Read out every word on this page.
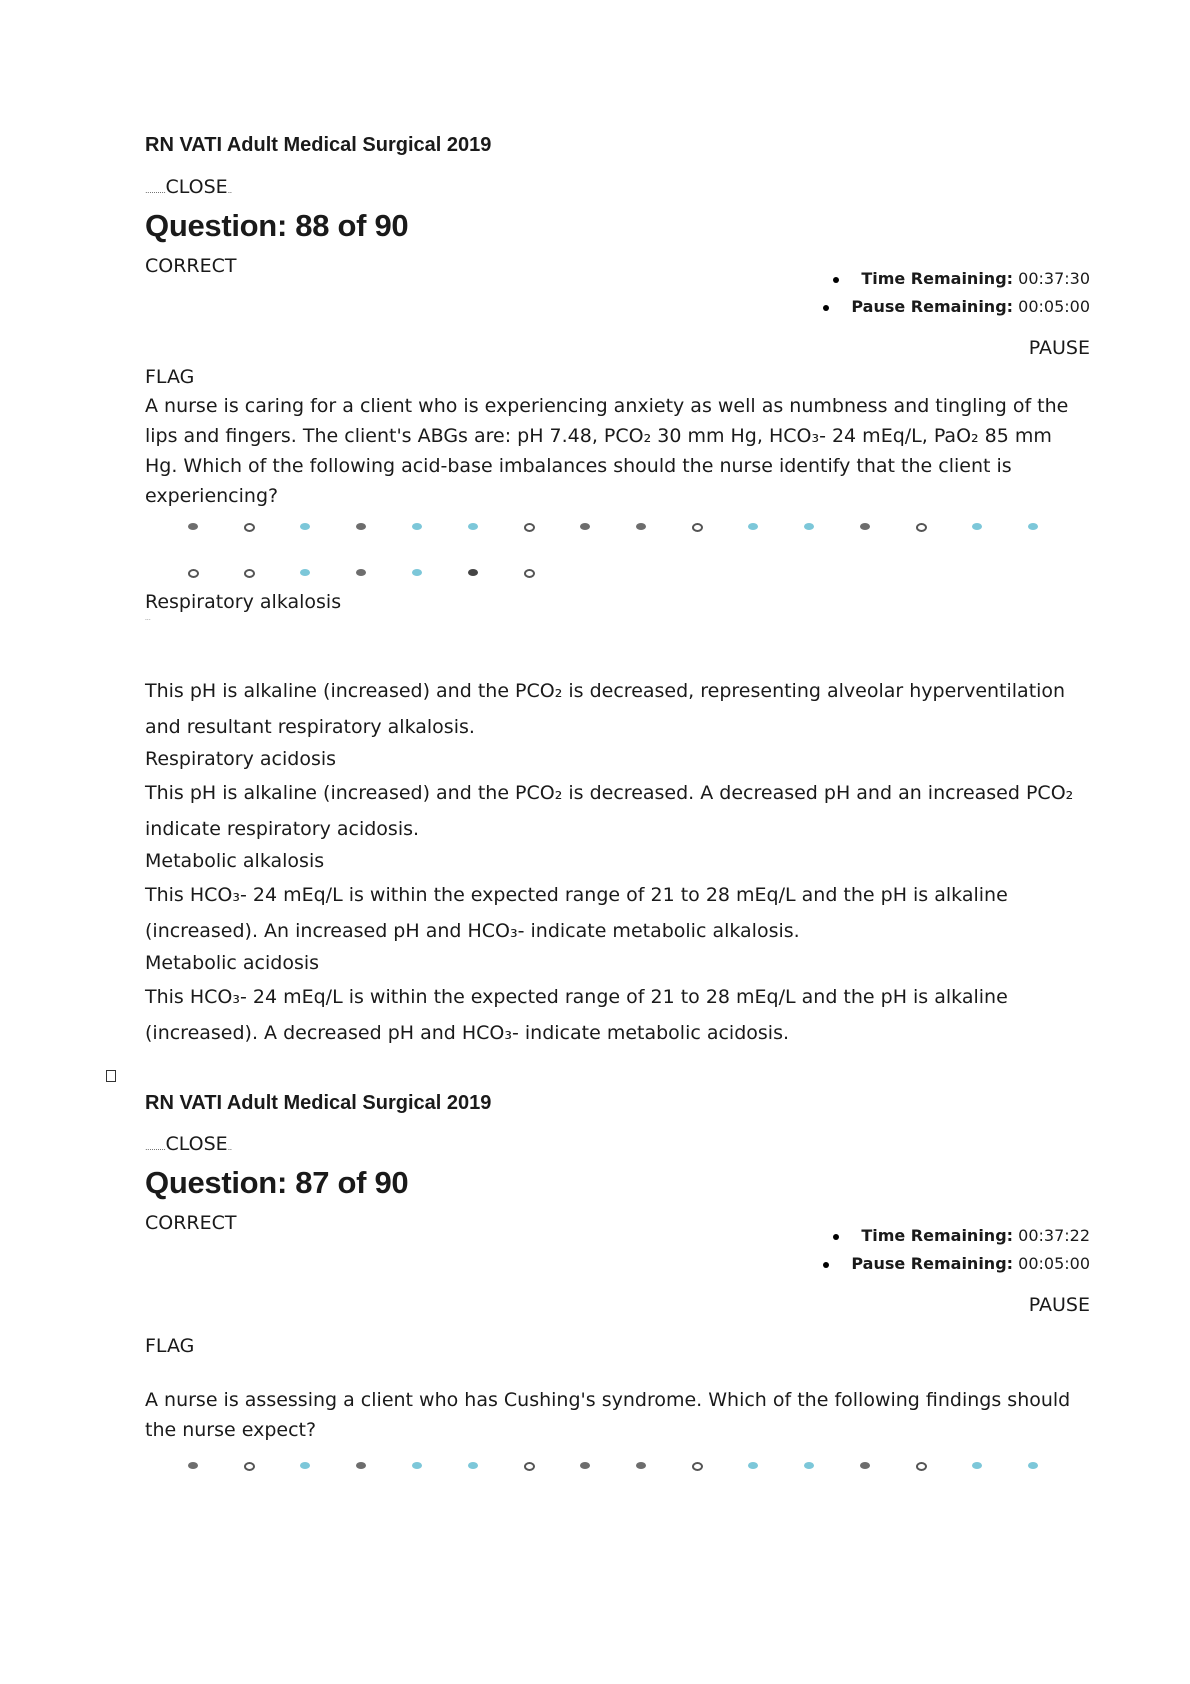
RN VATI Adult Medical Surgical 2019
.......... CLOSE ..
Question: 88 of 90
CORRECT
Time Remaining: 00:37:30
Pause Remaining: 00:05:00
PAUSE
FLAG
A nurse is caring for a client who is experiencing anxiety as well as numbness and tingling of the lips and fingers. The client's ABGs are: pH 7.48, PCO₂ 30 mm Hg, HCO₃- 24 mEq/L, PaO₂ 85 mm Hg. Which of the following acid-base imbalances should the nurse identify that the client is experiencing?
Respiratory alkalosis
...
This pH is alkaline (increased) and the PCO₂ is decreased, representing alveolar hyperventilation and resultant respiratory alkalosis.
Respiratory acidosis
This pH is alkaline (increased) and the PCO₂ is decreased. A decreased pH and an increased PCO₂ indicate respiratory acidosis.
Metabolic alkalosis
This HCO₃- 24 mEq/L is within the expected range of 21 to 28 mEq/L and the pH is alkaline (increased). An increased pH and HCO₃- indicate metabolic alkalosis.
Metabolic acidosis
This HCO₃- 24 mEq/L is within the expected range of 21 to 28 mEq/L and the pH is alkaline (increased). A decreased pH and HCO₃- indicate metabolic acidosis.
RN VATI Adult Medical Surgical 2019
.......... CLOSE ..
Question: 87 of 90
CORRECT
Time Remaining: 00:37:22
Pause Remaining: 00:05:00
PAUSE
FLAG
A nurse is assessing a client who has Cushing's syndrome. Which of the following findings should the nurse expect?
